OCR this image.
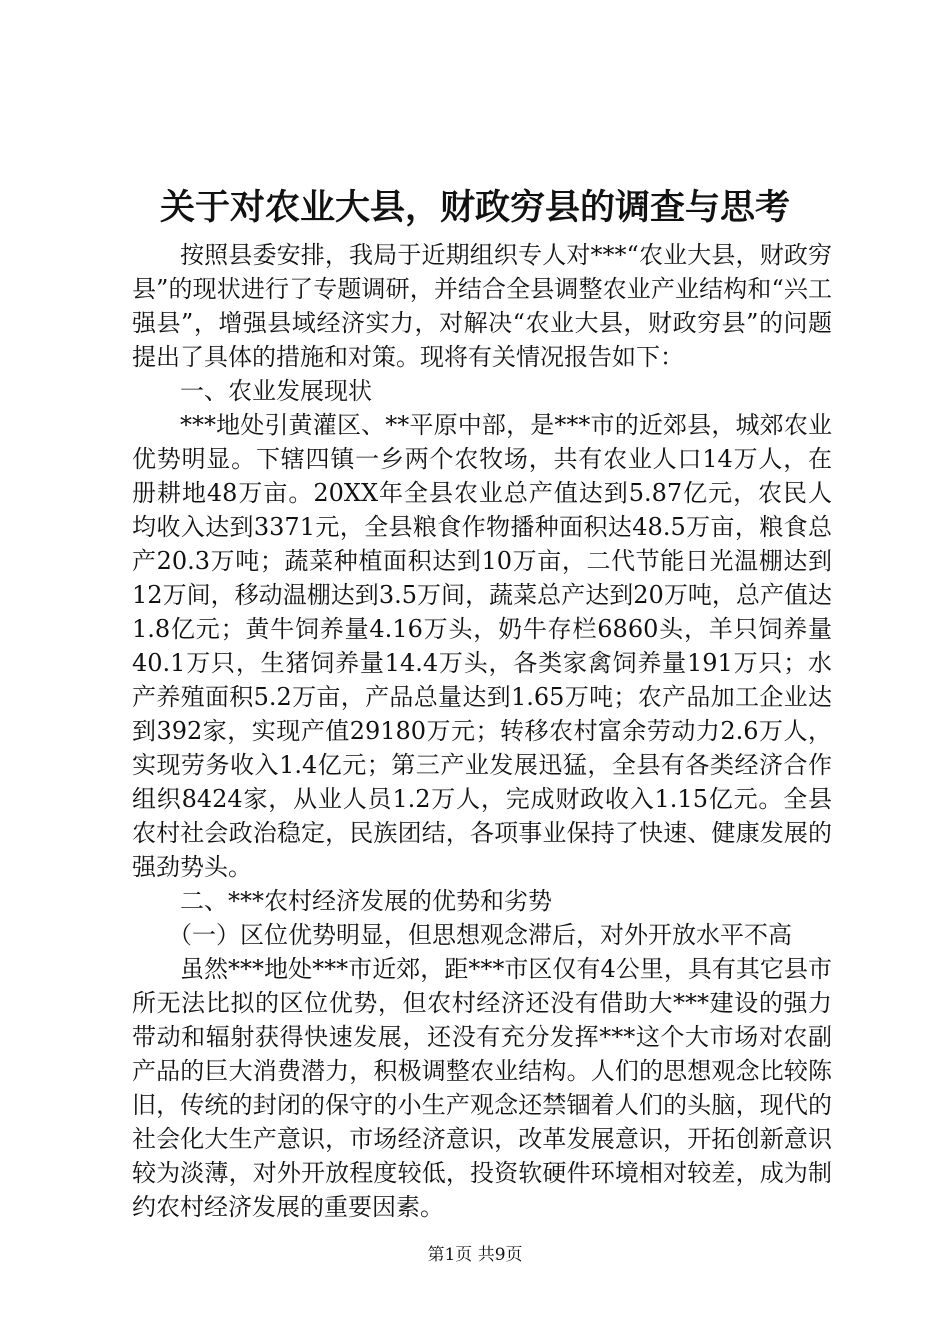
关于对农业大县，财政穷县的调查与思考

按照县委安排，我局于近期组织专人对***“农业大县，财政穷县”的现状进行了专题调研，并结合全县调整农业产业结构和“兴工强县”，增强县域经济实力，对解决“农业大县，财政穷县”的问题提出了具体的措施和对策。现将有关情况报告如下：

一、农业发展现状

***地处引黄灌区、**平原中部，是***市的近郊县，城郊农业优势明显。下辖四镇一乡两个农牧场，共有农业人口14万人，在册耕地48万亩。20XX年全县农业总产值达到5.87亿元，农民人均收入达到3371元，全县粮食作物播种面积达48.5万亩，粮食总产20.3万吨；蔬菜种植面积达到10万亩，二代节能日光温棚达到12万间，移动温棚达到3.5万间，蔬菜总产达到20万吨，总产值达1.8亿元；黄牛饲养量4.16万头，奶牛存栏6860头，羊只饲养量40.1万只，生猪饲养量14.4万头，各类家禽饲养量191万只；水产养殖面积5.2万亩，产品总量达到1.65万吨；农产品加工企业达到392家，实现产值29180万元；转移农村富余劳动力2.6万人，实现劳务收入1.4亿元；第三产业发展迅猛，全县有各类经济合作组织8424家，从业人员1.2万人，完成财政收入1.15亿元。全县农村社会政治稳定，民族团结，各项事业保持了快速、健康发展的强劲势头。

二、***农村经济发展的优势和劣势

（一）区位优势明显，但思想观念滞后，对外开放水平不高

虽然***地处***市近郊，距***市区仅有4公里，具有其它县市所无法比拟的区位优势，但农村经济还没有借助大***建设的强力带动和辐射获得快速发展，还没有充分发挥***这个大市场对农副产品的巨大消费潜力，积极调整农业结构。人们的思想观念比较陈旧，传统的封闭的保守的小生产观念还禁锢着人们的头脑，现代的社会化大生产意识，市场经济意识，改革发展意识，开拓创新意识较为淡薄，对外开放程度较低，投资软硬件环境相对较差，成为制约农村经济发展的重要因素。

第1页 共9页
